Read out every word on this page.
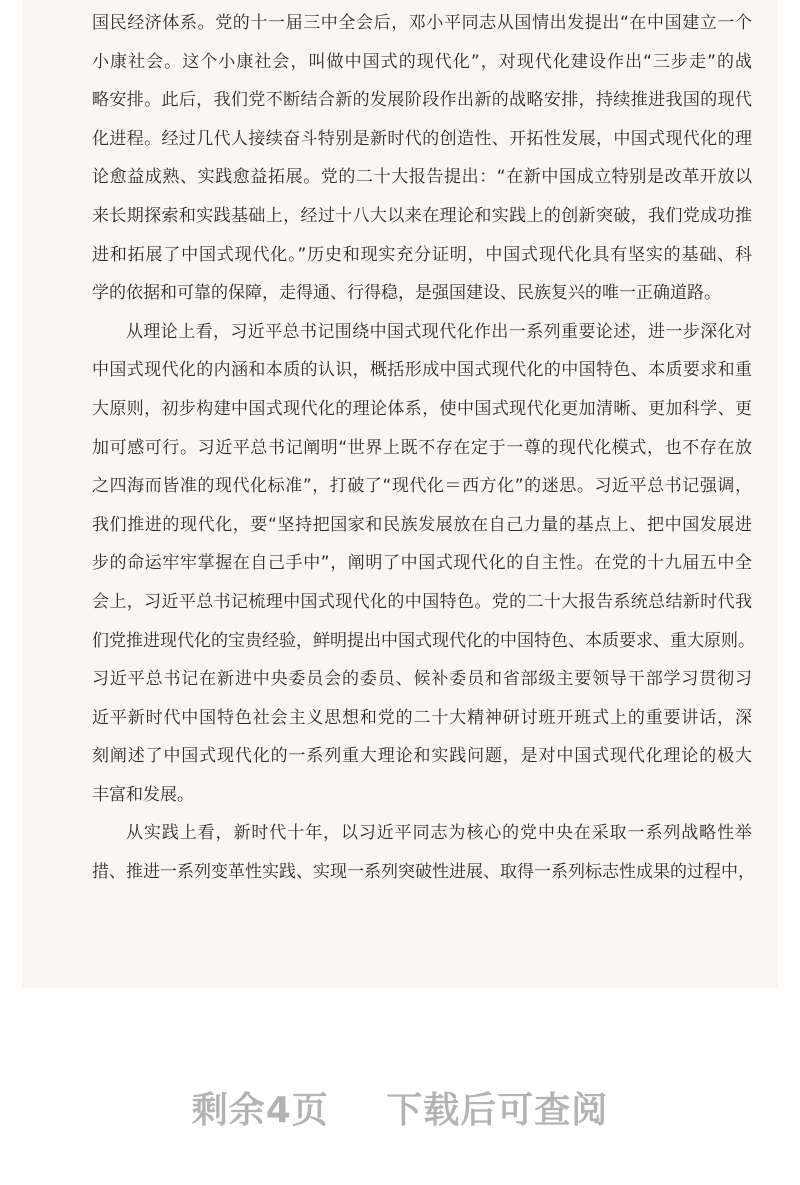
国民经济体系。党的十一届三中全会后，邓小平同志从国情出发提出“在中国建立一个
小康社会。这个小康社会，叫做中国式的现代化”，对现代化建设作出“三步走”的战
略安排。此后，我们党不断结合新的发展阶段作出新的战略安排，持续推进我国的现代
化进程。经过几代人接续奋斗特别是新时代的创造性、开拓性发展，中国式现代化的理
论愈益成熟、实践愈益拓展。党的二十大报告提出：“在新中国成立特别是改革开放以
来长期探索和实践基础上，经过十八大以来在理论和实践上的创新突破，我们党成功推
进和拓展了中国式现代化。”历史和现实充分证明，中国式现代化具有坚实的基础、科
学的依据和可靠的保障，走得通、行得稳，是强国建设、民族复兴的唯一正确道路。
从理论上看，习近平总书记围绕中国式现代化作出一系列重要论述，进一步深化对
中国式现代化的内涵和本质的认识，概括形成中国式现代化的中国特色、本质要求和重
大原则，初步构建中国式现代化的理论体系，使中国式现代化更加清晰、更加科学、更
加可感可行。习近平总书记阐明“世界上既不存在定于一尊的现代化模式，也不存在放
之四海而皆准的现代化标准”，打破了“现代化＝西方化”的迷思。习近平总书记强调，
我们推进的现代化，要“坚持把国家和民族发展放在自己力量的基点上、把中国发展进
步的命运牢牢掌握在自己手中”，阐明了中国式现代化的自主性。在党的十九届五中全
会上，习近平总书记梳理中国式现代化的中国特色。党的二十大报告系统总结新时代我
们党推进现代化的宝贵经验，鲜明提出中国式现代化的中国特色、本质要求、重大原则。
习近平总书记在新进中央委员会的委员、候补委员和省部级主要领导干部学习贯彻习
近平新时代中国特色社会主义思想和党的二十大精神研讨班开班式上的重要讲话，深
刻阐述了中国式现代化的一系列重大理论和实践问题，是对中国式现代化理论的极大
丰富和发展。
从实践上看，新时代十年，以习近平同志为核心的党中央在采取一系列战略性举
措、推进一系列变革性实践、实现一系列突破性进展、取得一系列标志性成果的过程中，
剩余4页 下载后可查阅
